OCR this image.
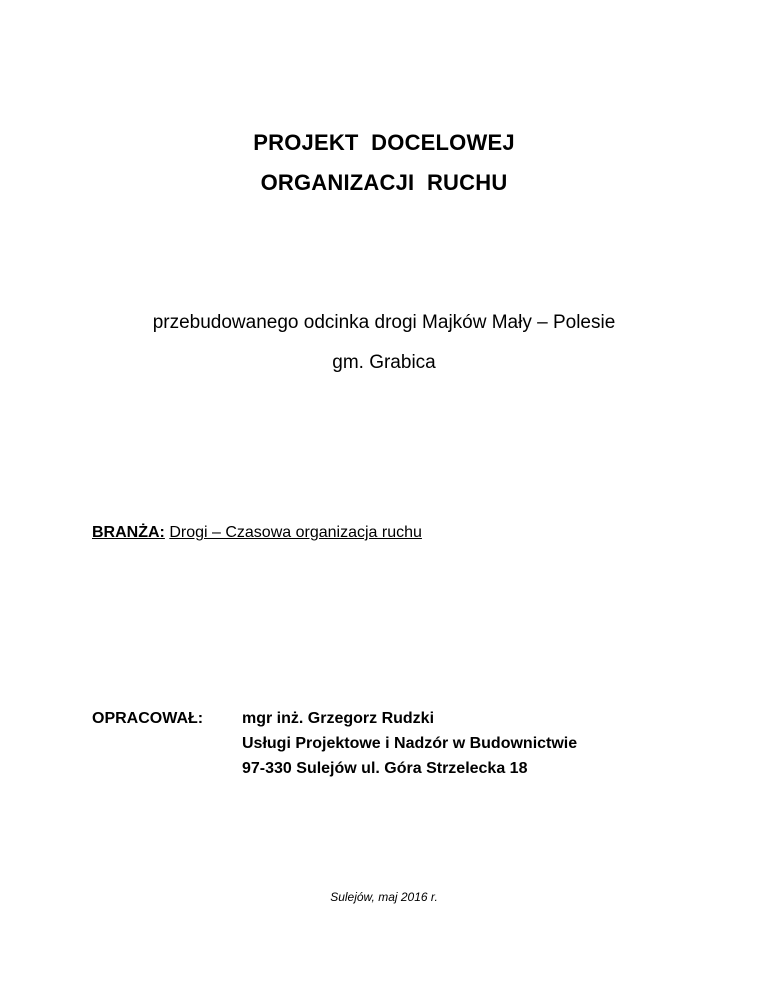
PROJEKT  DOCELOWEJ
ORGANIZACJI  RUCHU
przebudowanego odcinka drogi Majków Mały – Polesie
gm. Grabica
BRANŻA: Drogi – Czasowa organizacja ruchu
OPRACOWAŁ: mgr inż. Grzegorz Rudzki
Usługi Projektowe i Nadzór w Budownictwie
97-330 Sulejów ul. Góra Strzelecka 18
Sulejów, maj 2016 r.
